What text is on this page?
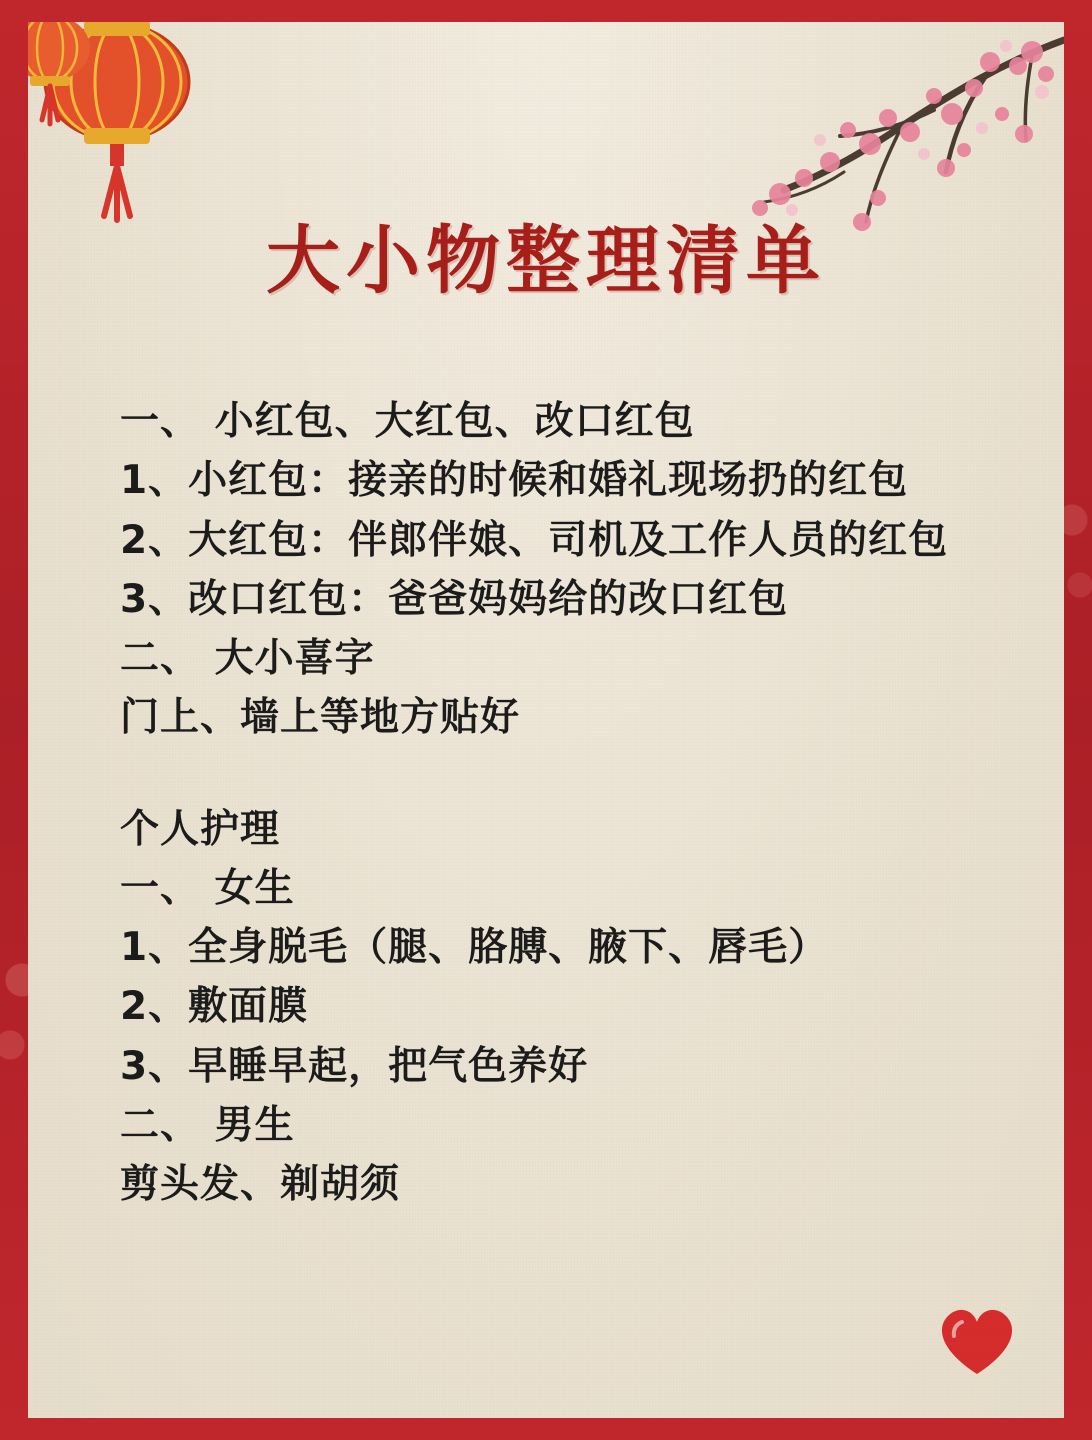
大小物整理清单
一、 小红包、大红包、改口红包
1、小红包：接亲的时候和婚礼现场扔的红包
2、大红包：伴郎伴娘、司机及工作人员的红包
3、改口红包：爸爸妈妈给的改口红包
二、 大小喜字
门上、墙上等地方贴好
个人护理
一、 女生
1、全身脱毛（腿、胳膊、腋下、唇毛）
2、敷面膜
3、早睡早起，把气色养好
二、 男生
剪头发、剃胡须
